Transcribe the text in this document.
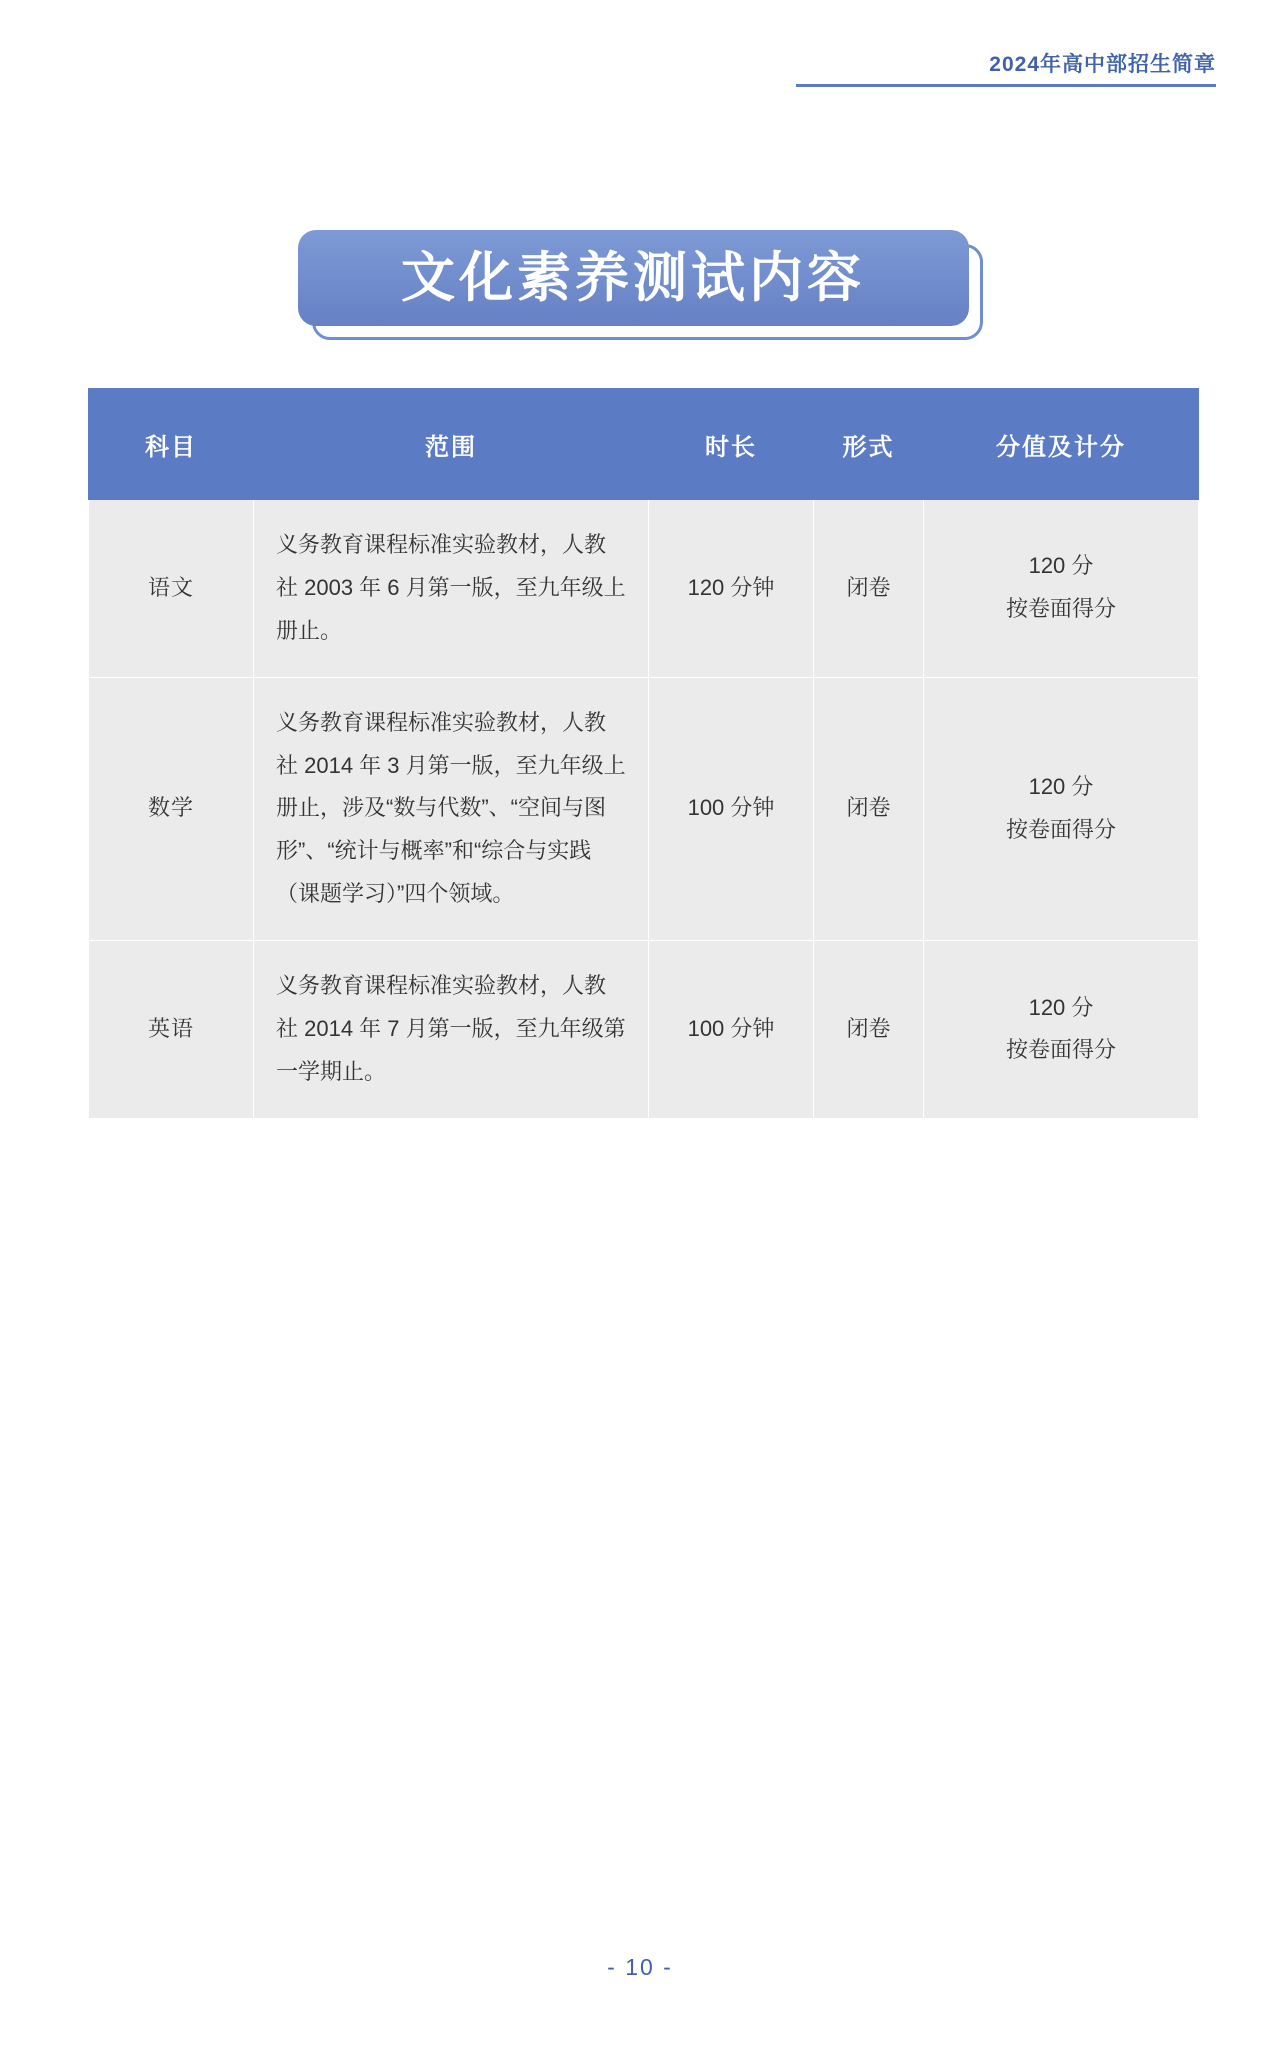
2024年高中部招生简章
文化素养测试内容
科目	范围	时长	形式	分值及计分
语文	义务教育课程标准实验教材，人教社 2003 年 6 月第一版，至九年级上册止。	120 分钟	闭卷	120 分
按卷面得分

数学	义务教育课程标准实验教材，人教社 2014 年 3 月第一版，至九年级上册止，涉及“数与代数”、“空间与图形”、“统计与概率”和“综合与实践（课题学习）”四个领域。	100 分钟	闭卷	120 分
按卷面得分

英语	义务教育课程标准实验教材，人教社 2014 年 7 月第一版，至九年级第一学期止。	100 分钟	闭卷	120 分
按卷面得分
- 10 -
